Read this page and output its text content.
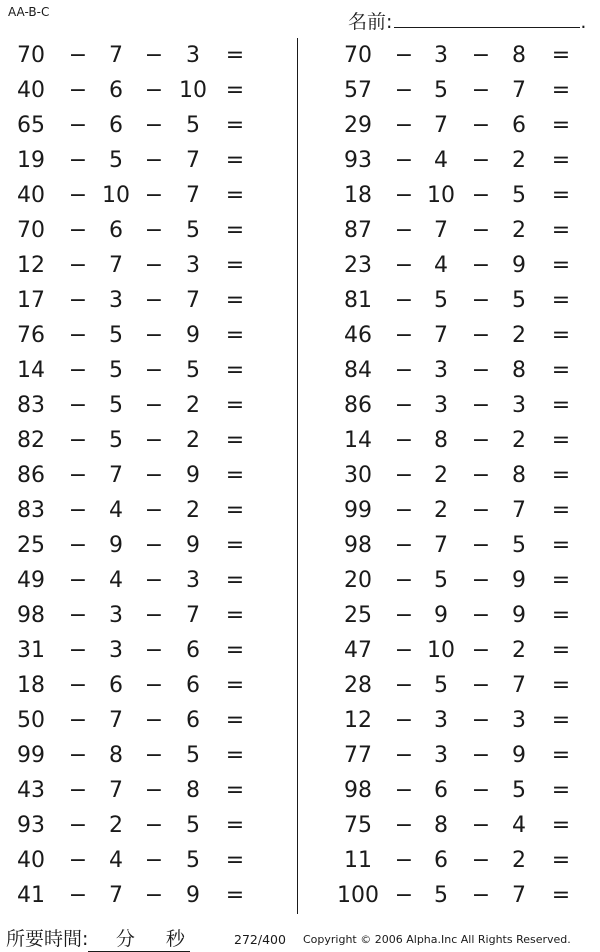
AA-B-C	名前:	.
70 − 7 − 3 =
40 − 6 − 10 =
65 − 6 − 5 =
19 − 5 − 7 =
40 − 10 − 7 =
70 − 6 − 5 =
12 − 7 − 3 =
17 − 3 − 7 =
76 − 5 − 9 =
14 − 5 − 5 =
83 − 5 − 2 =
82 − 5 − 2 =
86 − 7 − 9 =
83 − 4 − 2 =
25 − 9 − 9 =
49 − 4 − 3 =
98 − 3 − 7 =
31 − 3 − 6 =
18 − 6 − 6 =
50 − 7 − 6 =
99 − 8 − 5 =
43 − 7 − 8 =
93 − 2 − 5 =
40 − 4 − 5 =
41 − 7 − 9 =
70 − 3 − 8 =
57 − 5 − 7 =
29 − 7 − 6 =
93 − 4 − 2 =
18 − 10 − 5 =
87 − 7 − 2 =
23 − 4 − 9 =
81 − 5 − 5 =
46 − 7 − 2 =
84 − 3 − 8 =
86 − 3 − 3 =
14 − 8 − 2 =
30 − 2 − 8 =
99 − 2 − 7 =
98 − 7 − 5 =
20 − 5 − 9 =
25 − 9 − 9 =
47 − 10 − 2 =
28 − 5 − 7 =
12 − 3 − 3 =
77 − 3 − 9 =
98 − 6 − 5 =
75 − 8 − 4 =
11 − 6 − 2 =
100 − 5 − 7 =
所要時間: 分 秒	272/400 Copyright © 2006 Alpha.Inc All Rights Reserved.
